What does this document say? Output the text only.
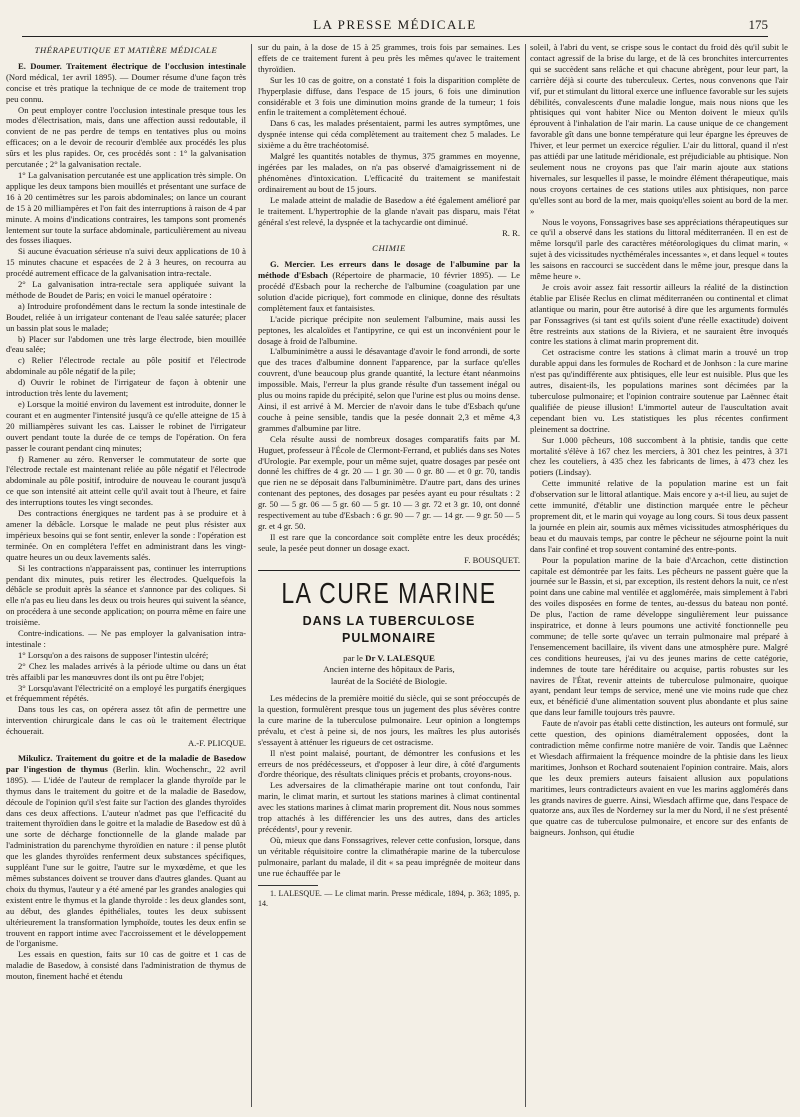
LA PRESSE MÉDICALE	175
THÉRAPEUTIQUE ET MATIÈRE MÉDICALE

E. Doumer. Traitement électrique de l'occlusion intestinale (Nord médical, 1er avril 1895). — Doumer résume d'une façon très concise et très pratique la technique de ce mode de traitement trop peu connu.

On peut employer contre l'occlusion intestinale presque tous les modes d'électrisation, mais, dans une affection aussi redoutable, il convient de ne pas perdre de temps en tentatives plus ou moins efficaces; on a le devoir de recourir d'emblée aux procédés les plus sûrs et les plus rapides. Or, ces procédés sont : 1° la galvanisation percutanée ; 2° la galvanisation rectale.

1° La galvanisation percutanée est une application très simple. On applique les deux tampons bien mouillés et présentant une surface de 16 à 20 centimètres sur les parois abdominales; on lance un courant de 15 à 20 milliampères et l'on fait des interruptions à raison de 4 par minute. A moins d'indications contraires, les tampons sont promenés lentement sur toute la surface abdominale, particulièrement au niveau des fosses iliaques.

Si aucune évacuation sérieuse n'a suivi deux applications de 10 à 15 minutes chacune et espacées de 2 à 3 heures, on recourra au procédé autrement efficace de la galvanisation intra-rectale.

2° La galvanisation intra-rectale sera appliquée suivant la méthode de Boudet de Paris; en voici le manuel opératoire :

a) Introduire profondément dans le rectum la sonde intestinale de Boudet, reliée à un irrigateur contenant de l'eau salée saturée; placer un bassin plat sous le malade;

b) Placer sur l'abdomen une très large électrode, bien mouillée d'eau salée;

c) Relier l'électrode rectale au pôle positif et l'électrode abdominale au pôle négatif de la pile;

d) Ouvrir le robinet de l'irrigateur de façon à obtenir une introduction très lente du lavement;

e) Lorsque la moitié environ du lavement est introduite, donner le courant et en augmenter l'intensité jusqu'à ce qu'elle atteigne de 15 à 20 milliampères suivant les cas. Laisser le robinet de l'irrigateur ouvert pendant toute la durée de ce temps de l'opération. On fera passer le courant pendant cinq minutes;

f) Ramener au zéro. Renverser le commutateur de sorte que l'électrode rectale est maintenant reliée au pôle négatif et l'électrode abdominale au pôle positif, introduire de nouveau le courant jusqu'à ce que son intensité ait atteint celle qu'il avait tout à l'heure, et faire des interruptions toutes les vingt secondes.

Des contractions énergiques ne tardent pas à se produire et à amener la débâcle. Lorsque le malade ne peut plus résister aux impérieux besoins qui se font sentir, enlever la sonde : l'opération est terminée. On en complétera l'effet en administrant dans les vingt-quatre heures un ou deux lavements salés.

Si les contractions n'apparaissent pas, continuer les interruptions pendant dix minutes, puis retirer les électrodes. Quelquefois la débâcle se produit après la séance et s'annonce par des coliques. Si elle n'a pas eu lieu dans les deux ou trois heures qui suivent la séance, on procédera à une seconde application; on pourra même en faire une troisième.

Contre-indications. — Ne pas employer la galvanisation intra-intestinale :

1° Lorsqu'on a des raisons de supposer l'intestin ulcéré;

2° Chez les malades arrivés à la période ultime ou dans un état très affaibli par les manœuvres dont ils ont pu être l'objet;

3° Lorsqu'avant l'électricité on a employé les purgatifs énergiques et fréquemment répétés.

Dans tous les cas, on opérera assez tôt afin de permettre une intervention chirurgicale dans le cas où le traitement électrique échouerait.

A.-F. PLICQUE.

Mikulicz. Traitement du goitre et de la maladie de Basedow par l'ingestion de thymus (Berlin. klin. Wochenschr., 22 avril 1895). — L'idée de l'auteur de remplacer la glande thyroïde par le thymus dans le traitement du goitre et de la maladie de Basedow, découle de l'opinion qu'il s'est faite sur l'action des glandes thyroïdes dans ces deux affections. L'auteur n'admet pas que l'efficacité du traitement thyroïdien dans le goitre et la maladie de Basedow est dû à une sorte de décharge fonctionnelle de la glande malade par l'administration du parenchyme thyroïdien en nature : il pense plutôt que les glandes thyroïdes renferment deux substances spécifiques, suppléant l'une sur le goitre, l'autre sur le myxœdème, et que les mêmes substances doivent se trouver dans d'autres glandes. Quant au choix du thymus, l'auteur y a été amené par les grandes analogies qui existent entre le thymus et la glande thyroïde : les deux glandes sont, au début, des glandes épithéliales, toutes les deux subissent ultérieurement la transformation lymphoïde, toutes les deux enfin se trouvent en rapport intime avec l'accroissement et le développement de l'organisme.

Les essais en question, faits sur 10 cas de goitre et 1 cas de maladie de Basedow, à consisté dans l'administration de thymus de mouton, finement haché et étendu

sur du pain, à la dose de 15 à 25 grammes, trois fois par semaines. Les effets de ce traitement furent à peu près les mêmes qu'avec le traitement thyroïdien.

Sur les 10 cas de goitre, on a constaté 1 fois la disparition complète de l'hyperplasie diffuse, dans l'espace de 15 jours, 6 fois une diminution considérable et 3 fois une diminution moins grande de la tumeur; 1 fois enfin le traitement a complètement échoué.

Dans 6 cas, les malades présentaient, parmi les autres symptômes, une dyspnée intense qui céda complètement au traitement chez 5 malades. Le sixième a du être trachéotomisé.

Malgré les quantités notables de thymus, 375 grammes en moyenne, ingérées par les malades, on n'a pas observé d'amaigrissement ni de phénomènes d'intoxication. L'efficacité du traitement se manifestait ordinairement au bout de 15 jours.

Le malade atteint de maladie de Basedow a été également amélioré par le traitement. L'hypertrophie de la glande n'avait pas disparu, mais l'état général s'est relevé, la dyspnée et la tachycardie ont diminué.

R. R.

CHIMIE

G. Mercier. Les erreurs dans le dosage de l'albumine par la méthode d'Esbach (Répertoire de pharmacie, 10 février 1895). — Le procédé d'Esbach pour la recherche de l'albumine (coagulation par une solution d'acide picrique), fort commode en clinique, donne des résultats complètement faux et fantaisistes.

L'acide picrique précipite non seulement l'albumine, mais aussi les peptones, les alcaloïdes et l'antipyrine, ce qui est un inconvénient pour le dosage à froid de l'albumine.

L'albuminimètre a aussi le désavantage d'avoir le fond arrondi, de sorte que des traces d'albumine donnent l'apparence, par la surface qu'elles couvrent, d'une beaucoup plus grande quantité, la lecture étant néanmoins impossible. Mais, l'erreur la plus grande résulte d'un tassement inégal ou plus ou moins rapide du précipité, selon que l'urine est plus ou moins dense. Ainsi, il est arrivé à M. Mercier de n'avoir dans le tube d'Esbach qu'une couche à peine sensible, tandis que la pesée donnait 2,3 et même 4,3 grammes d'albumine par litre.

Cela résulte aussi de nombreux dosages comparatifs faits par M. Huguet, professeur à l'École de Clermont-Ferrand, et publiés dans ses Notes d'Urologie. Par exemple, pour un même sujet, quatre dosages par pesée ont donné les chiffres de 4 gr. 20 — 1 gr. 30 — 0 gr. 80 — et 0 gr. 70, tandis que rien ne se déposait dans l'albuminimètre. D'autre part, dans des urines contenant des peptones, des dosages par pesées ayant eu pour résultats : 2 gr. 50 — 5 gr. 06 — 5 gr. 60 — 5 gr. 10 — 3 gr. 72 et 3 gr. 10, ont donné respectivement au tube d'Esbach : 6 gr. 90 — 7 gr. — 14 gr. — 9 gr. 50 — 5 gr. et 4 gr. 50.

Il est rare que la concordance soit complète entre les deux procédés; seule, la pesée peut donner un dosage exact.

F. BOUSQUET.

LA CURE MARINE
DANS LA TUBERCULOSE PULMONAIRE
par le Dr V. LALESQUE
Ancien interne des hôpitaux de Paris,
lauréat de la Société de Biologie.

Les médecins de la première moitié du siècle, qui se sont préoccupés de la question, formulèrent presque tous un jugement des plus sévères contre la cure marine de la tuberculose pulmonaire. Leur opinion a longtemps prévalu, et c'est à peine si, de nos jours, les maîtres les plus autorisés s'essayent à atténuer les rigueurs de cet ostracisme.

Il n'est point malaisé, pourtant, de démontrer les confusions et les erreurs de nos prédécesseurs, et d'opposer à leur dire, à côté d'arguments d'ordre théorique, des résultats cliniques précis et probants, croyons-nous.

Les adversaires de la climathérapie marine ont tout confondu, l'air marin, le climat marin, et surtout les stations marines à climat continental avec les stations marines à climat marin proprement dit. Nous nous sommes trop attachés à les différencier les uns des autres, dans des articles précédents¹, pour y revenir.

Où, mieux que dans Fonssagrives, relever cette confusion, lorsque, dans un véritable réquisitoire contre la climathérapie marine de la tuberculose pulmonaire, parlant du malade, il dit « sa peau imprégnée de moiteur dans une rue échauffée par le

1. LALESQUE. — Le climat marin. Presse médicale, 1894, p. 363; 1895, p. 14.

soleil, à l'abri du vent, se crispe sous le contact du froid dès qu'il subit le contact agressif de la brise du large, et de là ces bronchites intercurrentes qui se succèdent sans relâche et qui chacune abrègent, pour leur part, la carrière déjà si courte des tuberculeux. Certes, nous convenons que l'air vif, pur et stimulant du littoral exerce une influence favorable sur les sujets débilités, convalescents d'une maladie longue, mais nous nions que les phtisiques qui vont habiter Nice ou Menton doivent le mieux qu'ils éprouvent à l'inhalation de l'air marin. La cause unique de ce changement favorable gît dans une bonne température qui leur épargne les épreuves de l'hiver, et leur permet un exercice régulier. L'air du littoral, quand il n'est pas attiédi par une latitude méridionale, est préjudiciable au phtisique. Non seulement nous ne croyons pas que l'air marin ajoute aux stations hivernales, sur lesquelles il passe, le moindre élément thérapeutique, mais nous croyons certaines de ces stations utiles aux phtisiques, non parce qu'elles sont au bord de la mer, mais quoiqu'elles soient au bord de la mer. »

Nous le voyons, Fonssagrives base ses appréciations thérapeutiques sur ce qu'il a observé dans les stations du littoral méditerranéen. Il en est de même lorsqu'il parle des caractères météorologiques du climat marin, « sujet à des vicissitudes nycthémérales incessantes », et dans lequel « toutes les saisons en raccourci se succèdent dans le même jour, presque dans la même heure ».

Je crois avoir assez fait ressortir ailleurs la réalité de la distinction établie par Elisée Reclus en climat méditerranéen ou continental et climat atlantique ou marin, pour être autorisé à dire que les arguments formulés par Fonssagrives (si tant est qu'ils soient d'une réelle exactitude) doivent être restreints aux stations de la Riviera, et ne sauraient être invoqués contre les stations à climat marin proprement dit.

Cet ostracisme contre les stations à climat marin a trouvé un trop durable appui dans les formules de Rochard et de Jonhson : la cure marine n'est pas qu'indifférente aux phtisiques, elle leur est nuisible. Plus que les autres, disaient-ils, les populations marines sont décimées par la tuberculose pulmonaire; et l'opinion contraire soutenue par Laënnec était qualifiée de pieuse illusion! L'immortel auteur de l'auscultation avait cependant bien vu. Les statistiques les plus récentes confirment pleinement sa doctrine.

Sur 1.000 pêcheurs, 108 succombent à la phtisie, tandis que cette mortalité s'élève à 167 chez les merciers, à 301 chez les peintres, à 371 chez les couteliers, à 435 chez les fabricants de limes, à 473 chez les potiers (Lindsay).

Cette immunité relative de la population marine est un fait d'observation sur le littoral atlantique. Mais encore y a-t-il lieu, au sujet de cette immunité, d'établir une distinction marquée entre le pêcheur proprement dit, et le marin qui voyage au long cours. Si tous deux passent la journée en plein air, soumis aux mêmes vicissitudes atmosphériques du beau et du mauvais temps, par contre le pêcheur ne séjourne point la nuit dans l'air confiné et trop souvent contaminé des entre-ponts.

Pour la population marine de la baie d'Arcachon, cette distinction capitale est démontrée par les faits. Les pêcheurs ne passent guère que la journée sur le Bassin, et si, par exception, ils restent dehors la nuit, ce n'est point dans une cabine mal ventilée et agglomérée, mais simplement à l'abri des voiles disposées en forme de tentes, au-dessus du bateau non ponté. De plus, l'action de rame développe singulièrement leur puissance inspiratrice, et donne à leurs poumons une activité fonctionnelle peu commune; de telle sorte qu'avec un terrain pulmonaire mal préparé à l'ensemencement bacillaire, ils vivent dans une atmosphère pure. Malgré ces conditions heureuses, j'ai vu des jeunes marins de cette catégorie, indemnes de toute tare héréditaire ou acquise, partis robustes sur les navires de l'État, revenir atteints de tuberculose pulmonaire, quoique ayant, pendant leur temps de service, mené une vie moins rude que chez eux, et bénéficié d'une alimentation souvent plus abondante et plus saine que dans leur famille toujours très pauvre.

Faute de n'avoir pas établi cette distinction, les auteurs ont formulé, sur cette question, des opinions diamétralement opposées, dont la contradiction même confirme notre manière de voir. Tandis que Laënnec et Wiesdach affirmaient la fréquence moindre de la phtisie dans les lieux maritimes, Jonhson et Rochard soutenaient l'opinion contraire. Mais, alors que les deux premiers auteurs faisaient allusion aux populations maritimes, leurs contradicteurs avaient en vue les marins agglomérés dans les grands navires de guerre. Ainsi, Wiesdach affirme que, dans l'espace de quatorze ans, aux îles de Norderney sur la mer du Nord, il ne s'est présenté que quatre cas de tuberculose pulmonaire, et encore sur des enfants de baigneurs. Jonhson, qui étudie
